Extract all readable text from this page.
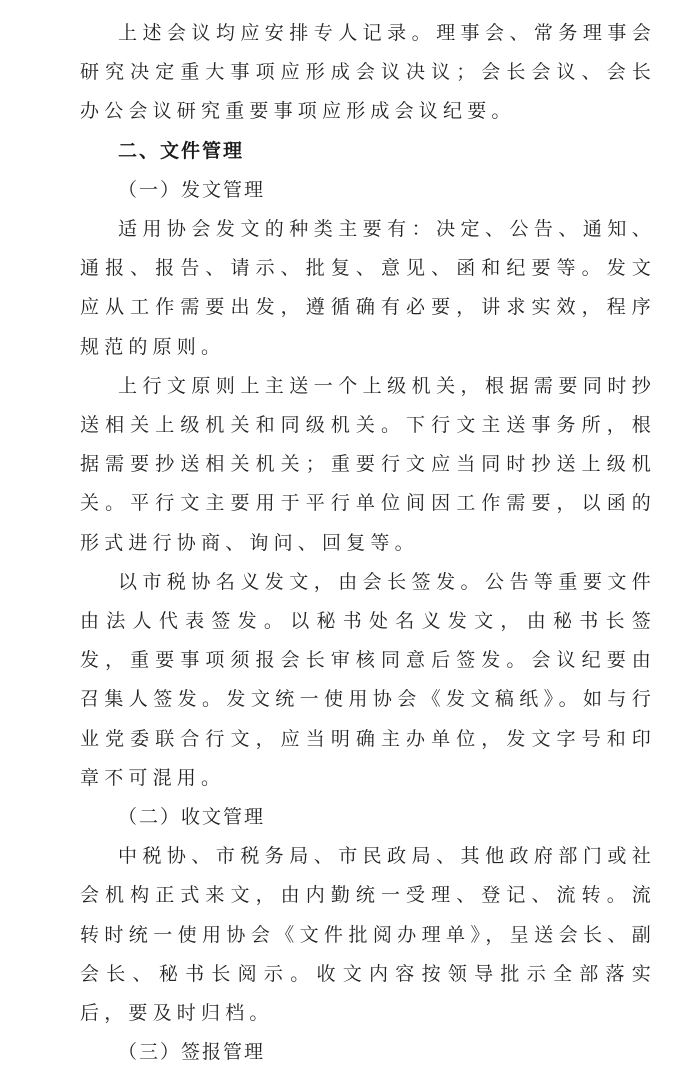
上述会议均应安排专人记录。理事会、常务理事会研究决定重大事项应形成会议决议；会长会议、会长办公会议研究重要事项应形成会议纪要。

二、文件管理

（一）发文管理

适用协会发文的种类主要有：决定、公告、通知、通报、报告、请示、批复、意见、函和纪要等。发文应从工作需要出发，遵循确有必要，讲求实效，程序规范的原则。

上行文原则上主送一个上级机关，根据需要同时抄送相关上级机关和同级机关。下行文主送事务所，根据需要抄送相关机关；重要行文应当同时抄送上级机关。平行文主要用于平行单位间因工作需要，以函的形式进行协商、询问、回复等。

以市税协名义发文，由会长签发。公告等重要文件由法人代表签发。以秘书处名义发文，由秘书长签发，重要事项须报会长审核同意后签发。会议纪要由召集人签发。发文统一使用协会《发文稿纸》。如与行业党委联合行文，应当明确主办单位，发文字号和印章不可混用。

（二）收文管理

中税协、市税务局、市民政局、其他政府部门或社会机构正式来文，由内勤统一受理、登记、流转。流转时统一使用协会《文件批阅办理单》，呈送会长、副会长、秘书长阅示。收文内容按领导批示全部落实后，要及时归档。

（三）签报管理
